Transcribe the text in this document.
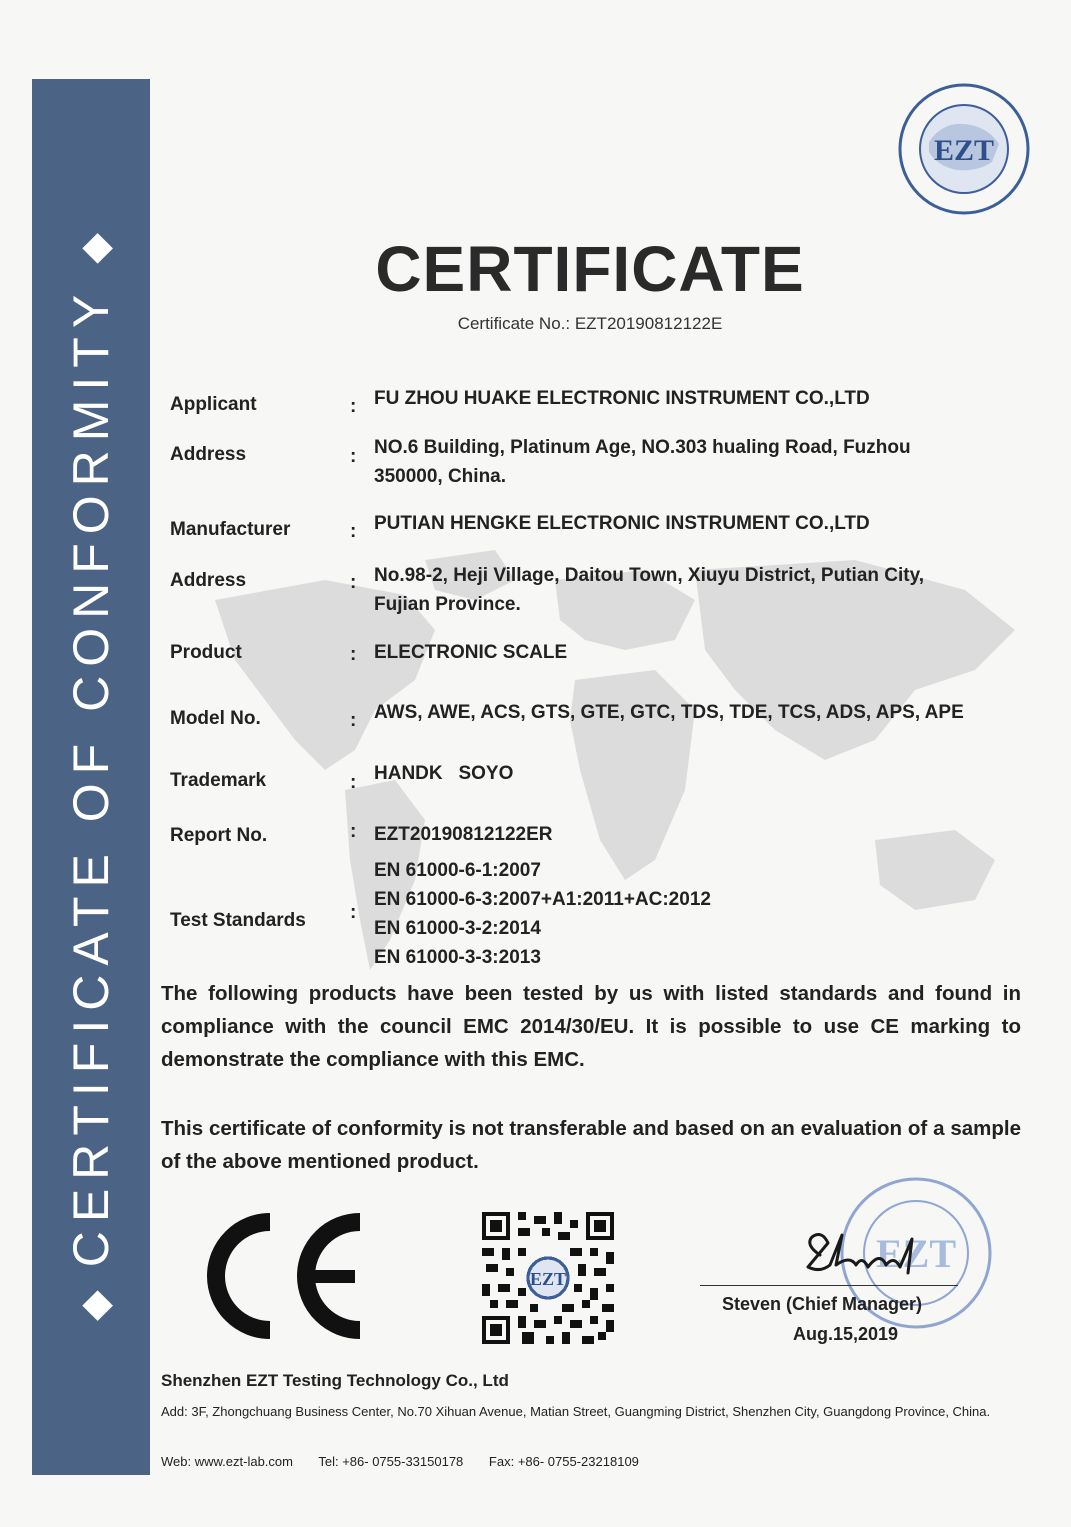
◆ CERTIFICATE OF CONFORMITY ◆
EZT
CERTIFICATE
Certificate No.: EZT20190812122E
Applicant	: FU ZHOU HUAKE ELECTRONIC INSTRUMENT CO.,LTD
Address	: NO.6 Building, Platinum Age, NO.303 hualing Road, Fuzhou
350000, China.
Manufacturer	: PUTIAN HENGKE ELECTRONIC INSTRUMENT CO.,LTD
Address	: No.98-2, Heji Village, Daitou Town, Xiuyu District, Putian City,
Fujian Province.
Product	: ELECTRONIC SCALE
Model No.	: AWS, AWE, ACS, GTS, GTE, GTC, TDS, TDE, TCS, ADS, APS, APE
Trademark	: HANDK   SOYO
Report No.	: EZT20190812122ER
Test Standards :
EN 61000-6-1:2007
EN 61000-6-3:2007+A1:2011+AC:2012
EN 61000-3-2:2014
EN 61000-3-3:2013
The following products have been tested by us with listed standards and found in compliance with the council EMC 2014/30/EU. It is possible to use CE marking to demonstrate the compliance with this EMC.
This certificate of conformity is not transferable and based on an evaluation of a sample of the above mentioned product.
EZT
EZT
Steven (Chief Manager)
Aug.15,2019
Shenzhen EZT Testing Technology Co., Ltd
Add: 3F, Zhongchuang Business Center, No.70 Xihuan Avenue, Matian Street, Guangming District, Shenzhen City, Guangdong Province, China.
Web: www.ezt-lab.com Tel: +86- 0755-33150178 Fax: +86- 0755-23218109
